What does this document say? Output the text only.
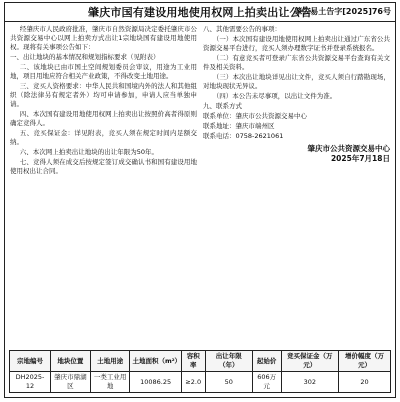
肇庆市国有建设用地使用权网上拍卖出让公告
肇公易土告字[2025]76号

经肇庆市人民政府批准，肇庆市自然资源局决定委托肇庆市公共资源交易中心以网上拍卖方式出让1宗地块国有建设用地使用权。现将有关事项公告如下：

一、出让地块的基本情况和规划指标要求（见附表）

二、该地块已由市国土空间规划委员会审议，用途为工业用地，项目用地应符合相关产业政策，不得改变土地用途。

三、竞买人资格要求：中华人民共和国境内外的法人和其他组织（除法律另有规定者外）均可申请参加，申请人应当单独申请。

四、本次国有建设用地使用权网上拍卖出让按照价高者得原则确定竞得人。

五、竞买保证金：详见附表，竞买人须在规定时间内足额交纳。

六、本次网上拍卖出让地块的出让年限为50年。

七、竞得人须在成交后按规定签订成交确认书和国有建设用地使用权出让合同。

八、其他需要公告的事项：

（一）本次国有建设用地使用权网上拍卖出让通过广东省公共资源交易平台进行，竞买人须办理数字证书并登录系统报名。

（二）有意竞买者可登录广东省公共资源交易平台查询有关文件及相关资料。

（三）本次出让地块详见出让文件，竞买人须自行踏勘现场，对地块现状无异议。

（四）本公告未尽事项，以出让文件为准。

九、联系方式

联系单位：肇庆市公共资源交易中心

联系地址：肇庆市端州区

联系电话：0758-2621061

肇庆市公共资源交易中心
2025年7月18日
宗地编号	地块位置	土地用途	土地面积（m²）	容积率	出让年限（年）	起始价	竞买保证金（万元）	增价幅度（万元）
DH2025-12	肇庆市鼎湖区	一类工业用地	10086.25	≥2.0	50	606万元	302	20
